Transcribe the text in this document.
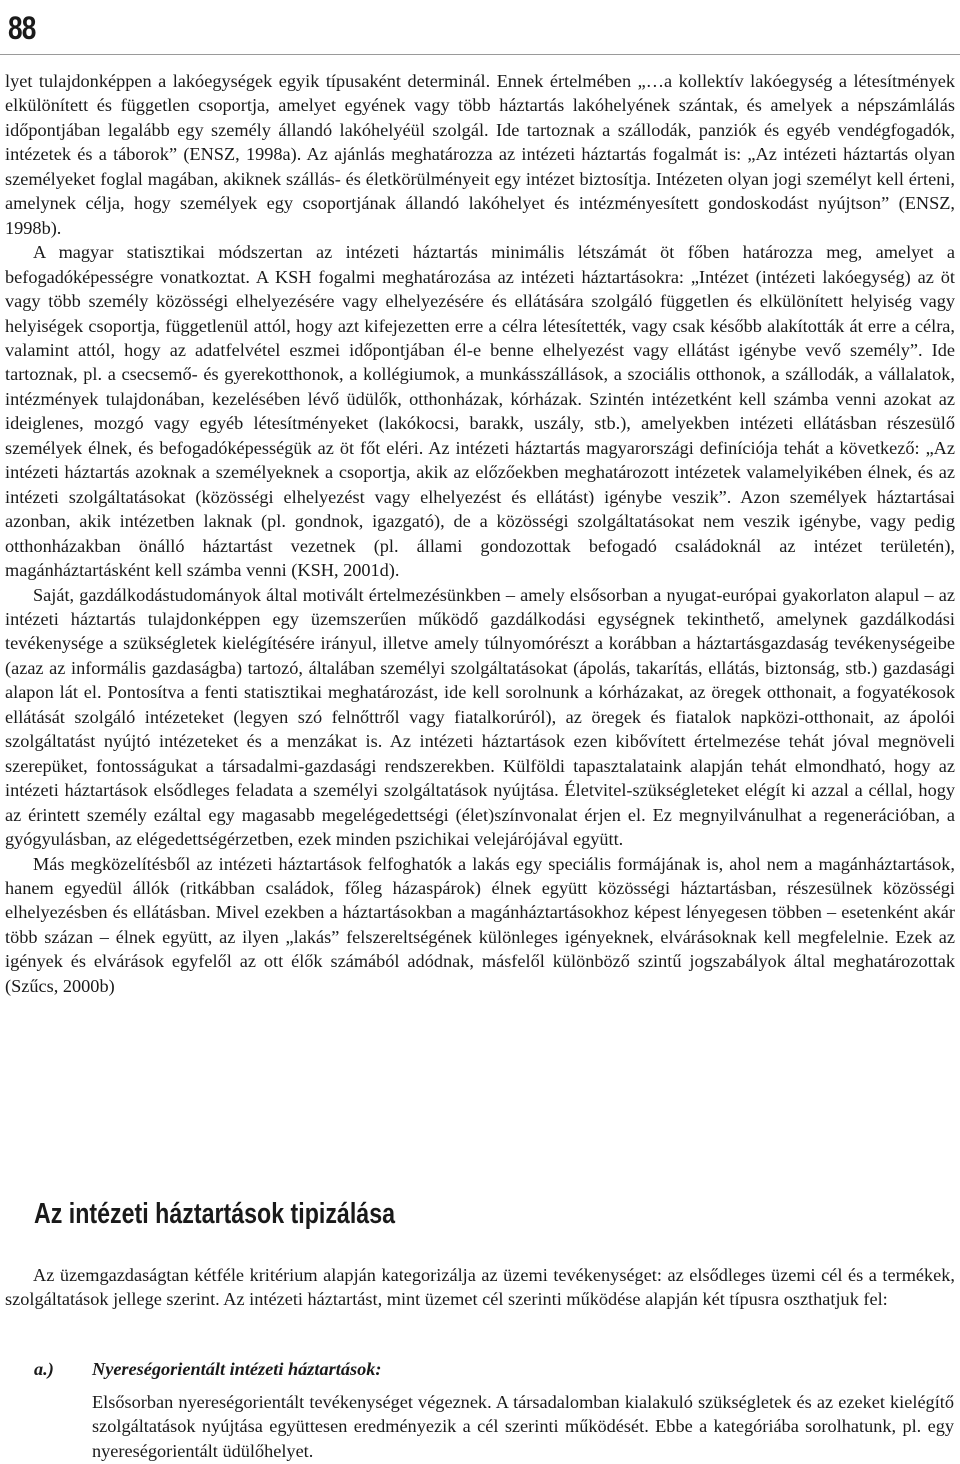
88

lyet tulajdonképpen a lakóegységek egyik típusaként determinál. Ennek értelmében „…a kollektív lakóegység a létesítmények elkülönített és független csoportja, amelyet egyének vagy több háztartás lakóhelyének szántak, és amelyek a népszámlálás időpontjában legalább egy személy állandó lakóhelyéül szolgál. Ide tartoznak a szállodák, panziók és egyéb vendégfogadók, intézetek és a táborok” (ENSZ, 1998a). Az ajánlás meghatározza az intézeti háztartás fogalmát is: „Az intézeti háztartás olyan személyeket foglal magában, akiknek szállás- és életkörülményeit egy intézet biztosítja. Intézeten olyan jogi személyt kell érteni, amelynek célja, hogy személyek egy csoportjának állandó lakóhelyet és intézményesített gondoskodást nyújtson” (ENSZ, 1998b).

A magyar statisztikai módszertan az intézeti háztartás minimális létszámát öt főben határozza meg, amelyet a befogadóképességre vonatkoztat. A KSH fogalmi meghatározása az intézeti háztartásokra: „Intézet (intézeti lakóegység) az öt vagy több személy közösségi elhelyezésére vagy elhelyezésére és ellátására szolgáló független és elkülönített helyiség vagy helyiségek csoportja, függetlenül attól, hogy azt kifejezetten erre a célra létesítették, vagy csak később alakították át erre a célra, valamint attól, hogy az adatfelvétel eszmei időpontjában él-e benne elhelyezést vagy ellátást igénybe vevő személy”. Ide tartoznak, pl. a csecsemő- és gyerekotthonok, a kollégiumok, a munkásszállások, a szociális otthonok, a szállodák, a vállalatok, intézmények tulajdonában, kezelésében lévő üdülők, otthonházak, kórházak. Szintén intézetként kell számba venni azokat az ideiglenes, mozgó vagy egyéb létesítményeket (lakókocsi, barakk, uszály, stb.), amelyekben intézeti ellátásban részesülő személyek élnek, és befogadóképességük az öt főt eléri. Az intézeti háztartás magyarországi definíciója tehát a következő: „Az intézeti háztartás azoknak a személyeknek a csoportja, akik az előzőekben meghatározott intézetek valamelyikében élnek, és az intézeti szolgáltatásokat (közösségi elhelyezést vagy elhelyezést és ellátást) igénybe veszik”. Azon személyek háztartásai azonban, akik intézetben laknak (pl. gondnok, igazgató), de a közösségi szolgáltatásokat nem veszik igénybe, vagy pedig otthonházakban önálló háztartást vezetnek (pl. állami gondozottak befogadó családoknál az intézet területén), magánháztartásként kell számba venni (KSH, 2001d).

Saját, gazdálkodástudományok által motivált értelmezésünkben – amely elsősorban a nyugat-európai gyakorlaton alapul – az intézeti háztartás tulajdonképpen egy üzemszerűen működő gazdálkodási egységnek tekinthető, amelynek gazdálkodási tevékenysége a szükségletek kielégítésére irányul, illetve amely túlnyomórészt a korábban a háztartásgazdaság tevékenységeibe (azaz az informális gazdaságba) tartozó, általában személyi szolgáltatásokat (ápolás, takarítás, ellátás, biztonság, stb.) gazdasági alapon lát el. Pontosítva a fenti statisztikai meghatározást, ide kell sorolnunk a kórházakat, az öregek otthonait, a fogyatékosok ellátását szolgáló intézeteket (legyen szó felnőttről vagy fiatalkorúról), az öregek és fiatalok napközi-otthonait, az ápolói szolgáltatást nyújtó intézeteket és a menzákat is. Az intézeti háztartások ezen kibővített értelmezése tehát jóval megnöveli szerepüket, fontosságukat a társadalmi-gazdasági rendszerekben. Külföldi tapasztalataink alapján tehát elmondható, hogy az intézeti háztartások elsődleges feladata a személyi szolgáltatások nyújtása. Életvitel-szükségleteket elégít ki azzal a céllal, hogy az érintett személy ezáltal egy magasabb megelégedettségi (élet)színvonalat érjen el. Ez megnyilvánulhat a regenerációban, a gyógyulásban, az elégedettségérzetben, ezek minden pszichikai velejárójával együtt.

Más megközelítésből az intézeti háztartások felfoghatók a lakás egy speciális formájának is, ahol nem a magánháztartások, hanem egyedül állók (ritkábban családok, főleg házaspárok) élnek együtt közösségi háztartásban, részesülnek közösségi elhelyezésben és ellátásban. Mivel ezekben a háztartásokban a magánháztartásokhoz képest lényegesen többen – esetenként akár több százan – élnek együtt, az ilyen „lakás” felszereltségének különleges igényeknek, elvárásoknak kell megfelelnie. Ezek az igények és elvárások egyfelől az ott élők számából adódnak, másfelől különböző szintű jogszabályok által meghatározottak (Szűcs, 2000b)

Az intézeti háztartások tipizálása

Az üzemgazdaságtan kétféle kritérium alapján kategorizálja az üzemi tevékenységet: az elsődleges üzemi cél és a termékek, szolgáltatások jellege szerint. Az intézeti háztartást, mint üzemet cél szerinti működése alapján két típusra oszthatjuk fel:

a.) Nyereségorientált intézeti háztartások:

Elsősorban nyereségorientált tevékenységet végeznek. A társadalomban kialakuló szükségletek és az ezeket kielégítő szolgáltatások nyújtása együttesen eredményezik a cél szerinti működését. Ebbe a kategóriába sorolhatunk, pl. egy nyereségorientált üdülőhelyet.
